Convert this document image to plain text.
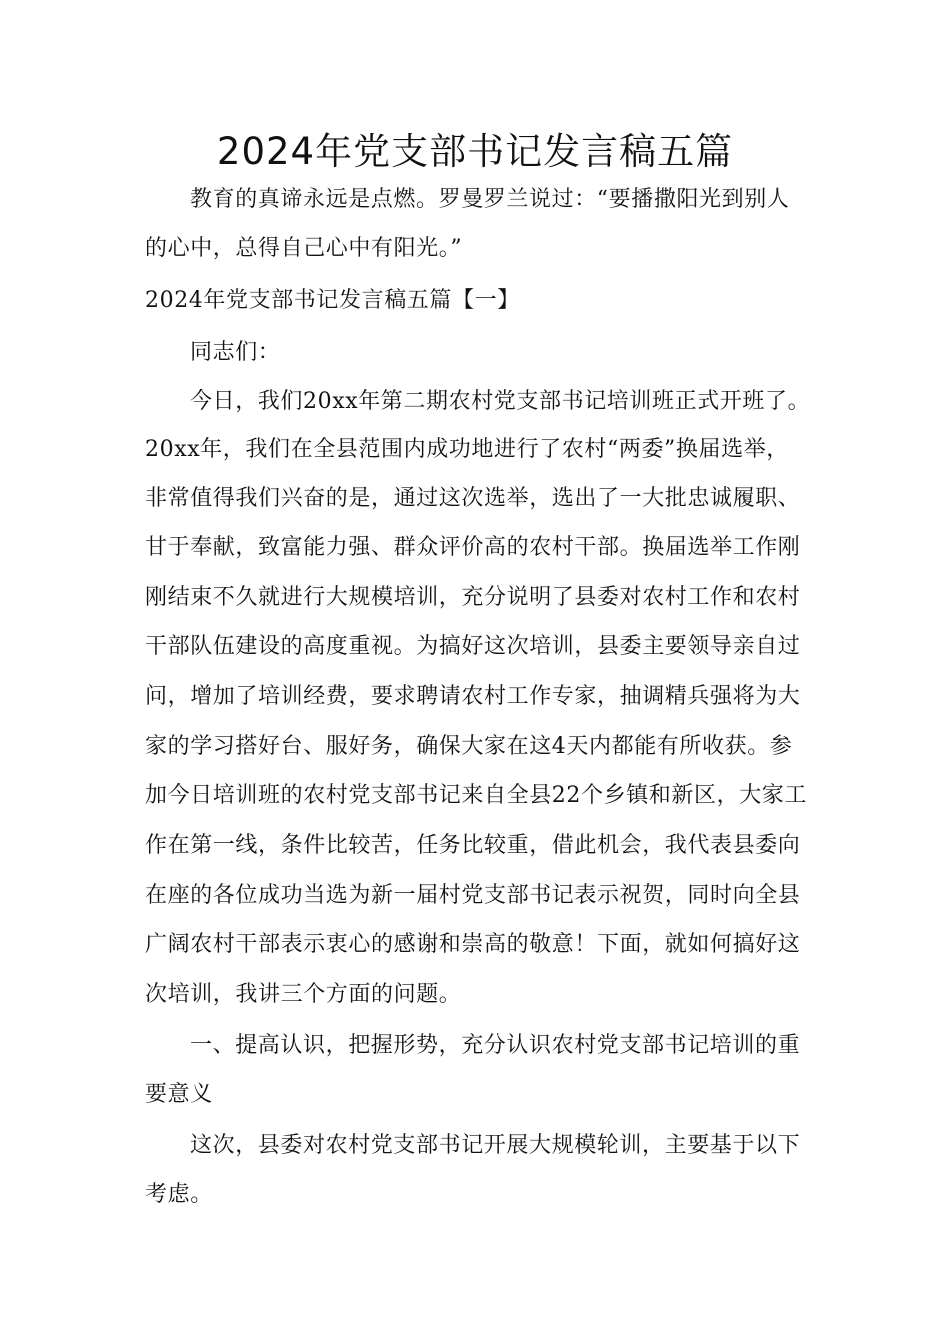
2024年党支部书记发言稿五篇
教育的真谛永远是点燃。罗曼罗兰说过：“要播撒阳光到别人
的心中，总得自己心中有阳光。”
2024年党支部书记发言稿五篇【一】
同志们：
今日，我们20xx年第二期农村党支部书记培训班正式开班了。
20xx年，我们在全县范围内成功地进行了农村“两委”换届选举，
非常值得我们兴奋的是，通过这次选举，选出了一大批忠诚履职、
甘于奉献，致富能力强、群众评价高的农村干部。换届选举工作刚
刚结束不久就进行大规模培训，充分说明了县委对农村工作和农村
干部队伍建设的高度重视。为搞好这次培训，县委主要领导亲自过
问，增加了培训经费，要求聘请农村工作专家，抽调精兵强将为大
家的学习搭好台、服好务，确保大家在这4天内都能有所收获。参
加今日培训班的农村党支部书记来自全县22个乡镇和新区，大家工
作在第一线，条件比较苦，任务比较重，借此机会，我代表县委向
在座的各位成功当选为新一届村党支部书记表示祝贺，同时向全县
广阔农村干部表示衷心的感谢和崇高的敬意！下面，就如何搞好这
次培训，我讲三个方面的问题。
一、提高认识，把握形势，充分认识农村党支部书记培训的重
要意义
这次，县委对农村党支部书记开展大规模轮训，主要基于以下
考虑。
